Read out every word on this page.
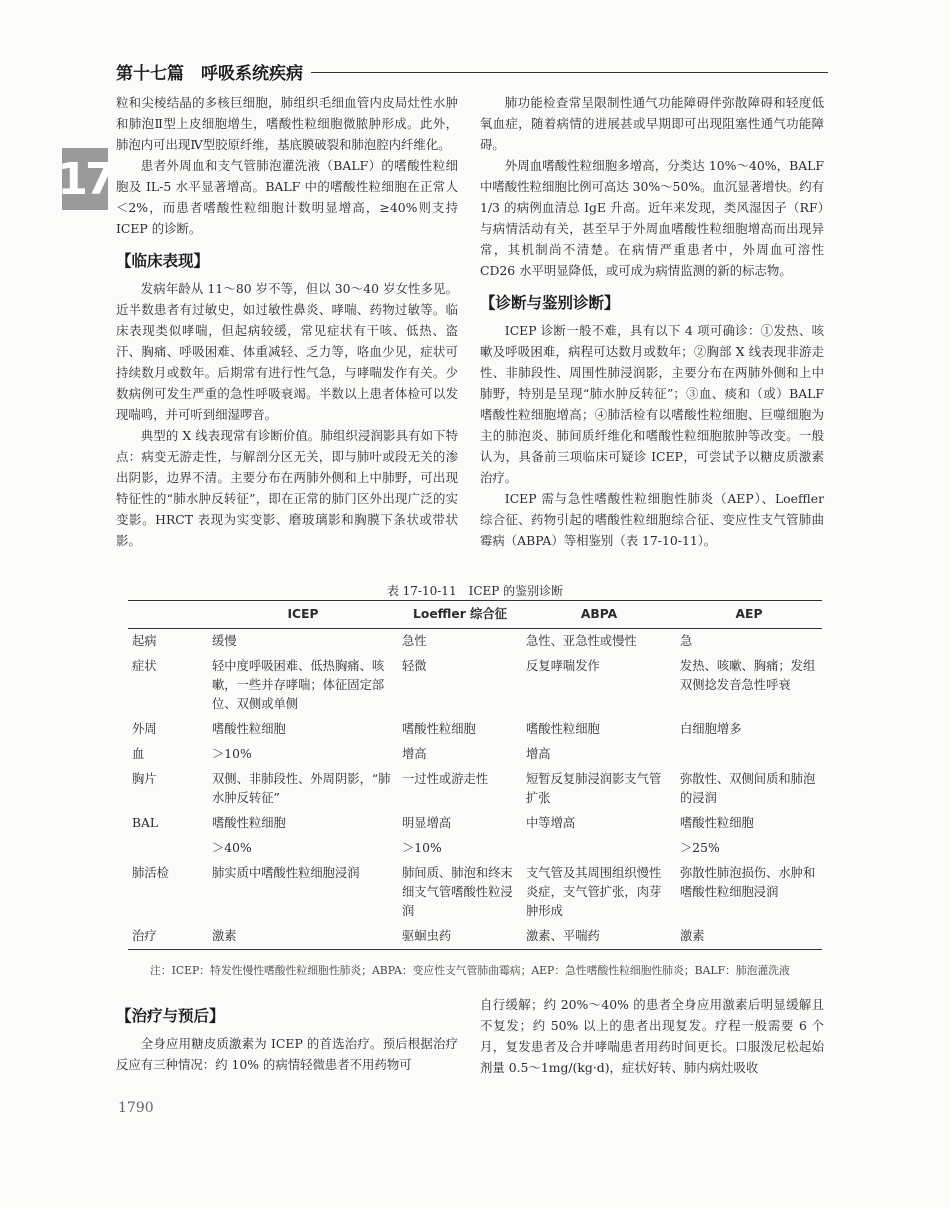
第十七篇　呼吸系统疾病
17

粒和尖棱结晶的多核巨细胞，肺组织毛细血管内皮局灶性水肿和肺泡Ⅱ型上皮细胞增生，嗜酸性粒细胞微脓肿形成。此外，肺泡内可出现Ⅳ型胶原纤维，基底膜破裂和肺泡腔内纤维化。

患者外周血和支气管肺泡灌洗液（BALF）的嗜酸性粒细胞及 IL-5 水平显著增高。BALF 中的嗜酸性粒细胞在正常人＜2%，而患者嗜酸性粒细胞计数明显增高，≥40%则支持 ICEP 的诊断。

【临床表现】

发病年龄从 11～80 岁不等，但以 30～40 岁女性多见。近半数患者有过敏史，如过敏性鼻炎、哮喘、药物过敏等。临床表现类似哮喘，但起病较缓，常见症状有干咳、低热、盗汗、胸痛、呼吸困难、体重减轻、乏力等，咯血少见，症状可持续数月或数年。后期常有进行性气急，与哮喘发作有关。少数病例可发生严重的急性呼吸衰竭。半数以上患者体检可以发现喘鸣，并可听到细湿啰音。

典型的 X 线表现常有诊断价值。肺组织浸润影具有如下特点：病变无游走性，与解剖分区无关，即与肺叶或段无关的渗出阴影，边界不清。主要分布在两肺外侧和上中肺野，可出现特征性的“肺水肿反转征”，即在正常的肺门区外出现广泛的实变影。HRCT 表现为实变影、磨玻璃影和胸膜下条状或带状影。

肺功能检查常呈限制性通气功能障碍伴弥散障碍和轻度低氧血症，随着病情的进展甚或早期即可出现阻塞性通气功能障碍。

外周血嗜酸性粒细胞多增高，分类达 10%～40%，BALF 中嗜酸性粒细胞比例可高达 30%～50%。血沉显著增快。约有 1/3 的病例血清总 IgE 升高。近年来发现，类风湿因子（RF）与病情活动有关，甚至早于外周血嗜酸性粒细胞增高而出现异常，其机制尚不清楚。在病情严重患者中，外周血可溶性 CD26 水平明显降低，或可成为病情监测的新的标志物。

【诊断与鉴别诊断】

ICEP 诊断一般不难，具有以下 4 项可确诊：①发热、咳嗽及呼吸困难，病程可达数月或数年；②胸部 X 线表现非游走性、非肺段性、周围性肺浸润影，主要分布在两肺外侧和上中肺野，特别是呈现“肺水肿反转征”；③血、痰和（或）BALF 嗜酸性粒细胞增高；④肺活检有以嗜酸性粒细胞、巨噬细胞为主的肺泡炎、肺间质纤维化和嗜酸性粒细胞脓肿等改变。一般认为，具备前三项临床可疑诊 ICEP，可尝试予以糖皮质激素治疗。

ICEP 需与急性嗜酸性粒细胞性肺炎（AEP）、Loeffler 综合征、药物引起的嗜酸性粒细胞综合征、变应性支气管肺曲霉病（ABPA）等相鉴别（表 17-10-11）。

表 17-10-11　ICEP 的鉴别诊断
	ICEP	Loeffler 综合征	ABPA	AEP
起病	缓慢	急性	急性、亚急性或慢性	急
症状	轻中度呼吸困难、低热胸痛、咳嗽，一些并存哮喘；体征固定部位、双侧或单侧	轻微	反复哮喘发作	发热、咳嗽、胸痛；发组双侧捻发音急性呼衰
外周	嗜酸性粒细胞	嗜酸性粒细胞	嗜酸性粒细胞	白细胞增多
血	＞10%	增高	增高	
胸片	双侧、非肺段性、外周阴影，“肺水肿反转征”	一过性或游走性	短暂反复肺浸润影支气管扩张	弥散性、双侧间质和肺泡的浸润
BAL	嗜酸性粒细胞	明显增高	中等增高	嗜酸性粒细胞
	＞40%	＞10%		＞25%
肺活检	肺实质中嗜酸性粒细胞浸润	肺间质、肺泡和终末细支气管嗜酸性粒浸润	支气管及其周围组织慢性炎症，支气管扩张，肉芽肿形成	弥散性肺泡损伤、水肿和嗜酸性粒细胞浸润
治疗	激素	驱蛔虫药	激素、平喘药	激素
注：ICEP：特发性慢性嗜酸性粒细胞性肺炎；ABPA：变应性支气管肺曲霉病；AEP：急性嗜酸性粒细胞性肺炎；BALF：肺泡灌洗液
【治疗与预后】

全身应用糖皮质激素为 ICEP 的首选治疗。预后根据治疗反应有三种情况：约 10% 的病情轻微患者不用药物可

自行缓解；约 20%～40% 的患者全身应用激素后明显缓解且不复发；约 50% 以上的患者出现复发。疗程一般需要 6 个月，复发患者及合并哮喘患者用药时间更长。口服泼尼松起始剂量 0.5～1mg/(kg·d)，症状好转、肺内病灶吸收

1790
